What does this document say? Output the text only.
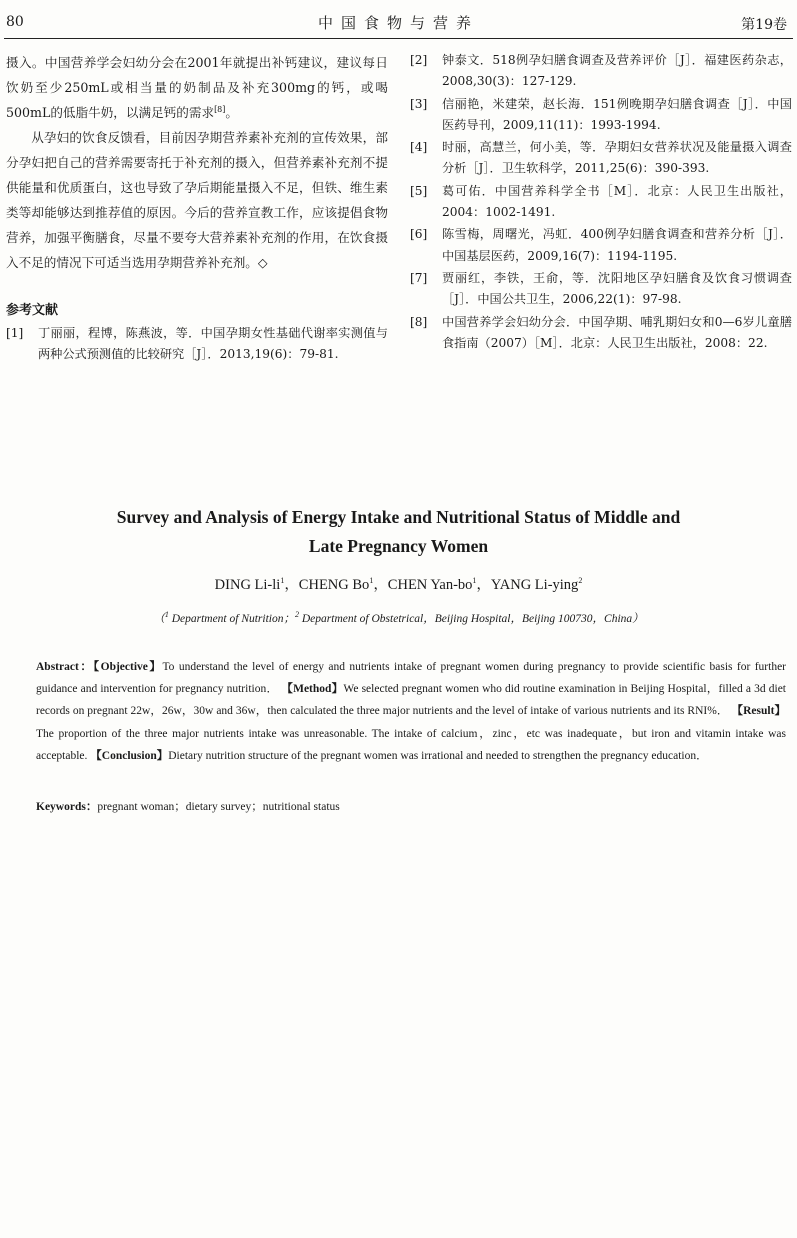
80	中国食物与营养	第19卷

摄入。中国营养学会妇幼分会在2001年就提出补钙建议，建议每日饮奶至少250mL或相当量的奶制品及补充300mg的钙，或喝500mL的低脂牛奶，以满足钙的需求[8]。

从孕妇的饮食反馈看，目前因孕期营养素补充剂的宣传效果，部分孕妇把自己的营养需要寄托于补充剂的摄入，但营养素补充剂不提供能量和优质蛋白，这也导致了孕后期能量摄入不足，但铁、维生素类等却能够达到推荐值的原因。今后的营养宣教工作，应该提倡食物营养，加强平衡膳食，尽量不要夸大营养素补充剂的作用，在饮食摄入不足的情况下可适当选用孕期营养补充剂。◇

参考文献
[1]	丁丽丽，程博，陈燕波，等．中国孕期女性基础代谢率实测值与两种公式预测值的比较研究［J］．2013,19(6)：79-81.
[2]	钟泰文．518例孕妇膳食调查及营养评价［J］．福建医药杂志，2008,30(3)：127-129.
[3]	信丽艳，米建荣，赵长海．151例晚期孕妇膳食调查［J］．中国医药导刊，2009,11(11)：1993-1994.
[4]	时丽，高慧兰，何小美，等．孕期妇女营养状况及能量摄入调查分析［J］．卫生软科学，2011,25(6)：390-393.
[5]	葛可佑．中国营养科学全书［M］．北京：人民卫生出版社，2004：1002-1491.
[6]	陈雪梅，周曙光，冯虹．400例孕妇膳食调查和营养分析［J］．中国基层医药，2009,16(7)：1194-1195.
[7]	贾丽红，李铁，王俞，等．沈阳地区孕妇膳食及饮食习惯调查［J］．中国公共卫生，2006,22(1)：97-98.
[8]	中国营养学会妇幼分会．中国孕期、哺乳期妇女和0—6岁儿童膳食指南（2007）［M］．北京：人民卫生出版社，2008：22.
Survey and Analysis of Energy Intake and Nutritional Status of Middle and
Late Pregnancy Women
DING $Li-li^1$，CHENG Bo$^1$，CHEN Yan-$bo^1$，YANG Li-ying$^2$
（$^1$ Department of Nutrition；$^2$ Department of Obstetrical，Beijing Hospital，Beijing 100730，China）
Abstract：【Objective】To understand the level of energy and nutrients intake of pregnant women during pregnancy to provide scientific basis for further guidance and intervention for pregnancy nutrition． 【Method】We selected pregnant women who did routine examination in Beijing Hospital，filled a 3d diet records on pregnant 22w，26w，30w and 36w，then calculated the three major nutrients and the level of intake of various nutrients and its RNI%． 【Result】The proportion of the three major nutrients intake was unreasonable. The intake of calcium，zinc，etc was inadequate，but iron and vitamin intake was acceptable. 【Conclusion】Dietary nutrition structure of the pregnant women was irrational and needed to strengthen the pregnancy education．
Keywords：pregnant woman；dietary survey；nutritional status
